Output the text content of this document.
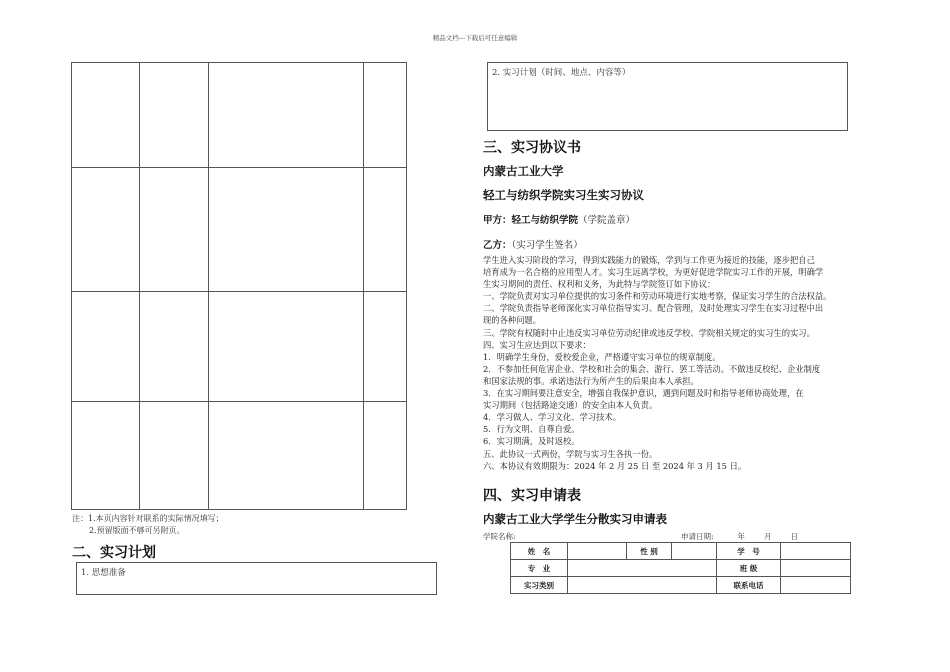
精品文档---下载后可任意编辑
注：1.本页内容针对联系的实际情况填写；
2.预留版面不够可另附页。
二、实习计划
1. 思想准备
2. 实习计划（时间、地点、内容等）
三、实习协议书
内蒙古工业大学
轻工与纺织学院实习生实习协议
甲方：轻工与纺织学院（学院盖章）
乙方：（实习学生签名）
学生进入实习阶段的学习，得到实践能力的锻炼，学到与工作更为接近的技能，逐步把自己
培育成为一名合格的应用型人才。实习生远离学校，为更好促进学院实习工作的开展，明确学
生实习期间的责任、权利和义务，为此特与学院签订如下协议：
一、学院负责对实习单位提供的实习条件和劳动环境进行实地考察，保证实习学生的合法权益。
二、学院负责指导老师深化实习单位指导实习、配合管理，及时处理实习学生在实习过程中出
现的各种问题。
三、学院有权随时中止违反实习单位劳动纪律或违反学校、学院相关规定的实习生的实习。
四、实习生应达到以下要求：
1．明确学生身份，爱校爱企业，严格遵守实习单位的规章制度。
2．不参加任何危害企业、学校和社会的集会、游行、罢工等活动。不做违反校纪、企业制度
和国家法规的事。承诺违法行为所产生的后果由本人承担。
3．在实习期间要注意安全，增强自我保护意识，遇到问题及时和指导老师协商处理，在
实习期间（包括路途交通）的安全由本人负责。
4．学习做人、学习文化、学习技术。
5．行为文明、自尊自爱。
6．实习期满，及时返校。
五、此协议一式两份，学院与实习生各执一份。
六、本协议有效期限为：2024 年 2 月 25 日 至 2024 年 3 月 15 日。
四、实习申请表
内蒙古工业大学学生分散实习申请表
学院名称:	申请日期:          年        月        日
姓　名		性 别		学　号	
专　业				班 级	
实习类别				联系电话	
